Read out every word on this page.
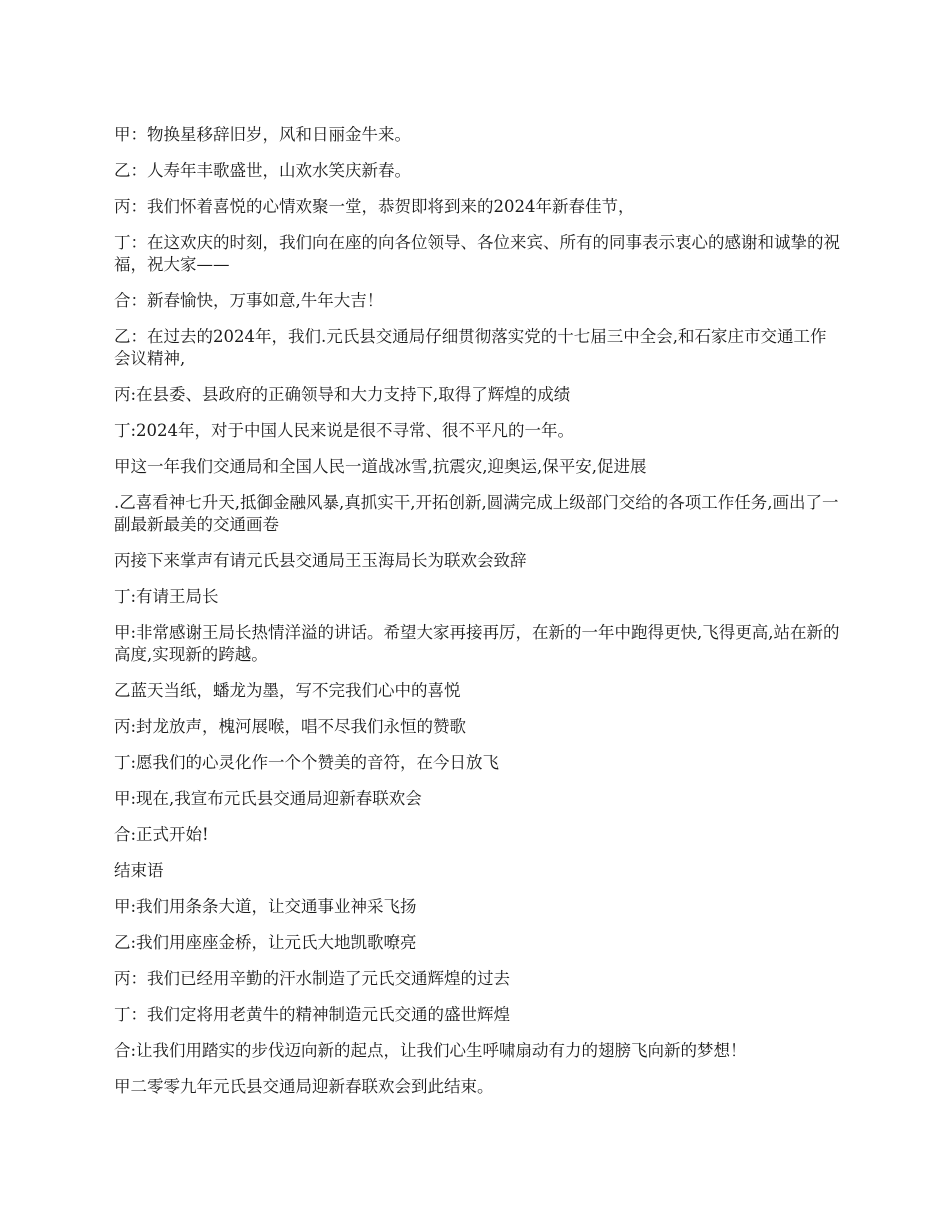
甲：物换星移辞旧岁，风和日丽金牛来。

乙：人寿年丰歌盛世，山欢水笑庆新春。

丙：我们怀着喜悦的心情欢聚一堂，恭贺即将到来的2024年新春佳节，

丁：在这欢庆的时刻，我们向在座的向各位领导、各位来宾、所有的同事表示衷心的感谢和诚挚的祝福，祝大家——

合：新春愉快，万事如意,牛年大吉！

乙：在过去的2024年，我们.元氏县交通局仔细贯彻落实党的十七届三中全会,和石家庄市交通工作会议精神,

丙:在县委、县政府的正确领导和大力支持下,取得了辉煌的成绩

丁:2024年，对于中国人民来说是很不寻常、很不平凡的一年。

甲这一年我们交通局和全国人民一道战冰雪,抗震灾,迎奥运,保平安,促进展

.乙喜看神七升天,抵御金融风暴,真抓实干,开拓创新,圆满完成上级部门交给的各项工作任务,画出了一副最新最美的交通画卷

丙接下来掌声有请元氏县交通局王玉海局长为联欢会致辞

丁:有请王局长

甲:非常感谢王局长热情洋溢的讲话。希望大家再接再厉，在新的一年中跑得更快,飞得更高,站在新的高度,实现新的跨越。

乙蓝天当纸，蟠龙为墨，写不完我们心中的喜悦

丙:封龙放声，槐河展喉，唱不尽我们永恒的赞歌

丁:愿我们的心灵化作一个个赞美的音符，在今日放飞

甲:现在,我宣布元氏县交通局迎新春联欢会

合:正式开始!

结束语

甲:我们用条条大道，让交通事业神采飞扬

乙:我们用座座金桥，让元氏大地凯歌嘹亮

丙：我们已经用辛勤的汗水制造了元氏交通辉煌的过去

丁：我们定将用老黄牛的精神制造元氏交通的盛世辉煌

合:让我们用踏实的步伐迈向新的起点，让我们心生呼啸扇动有力的翅膀飞向新的梦想！

甲二零零九年元氏县交通局迎新春联欢会到此结束。
